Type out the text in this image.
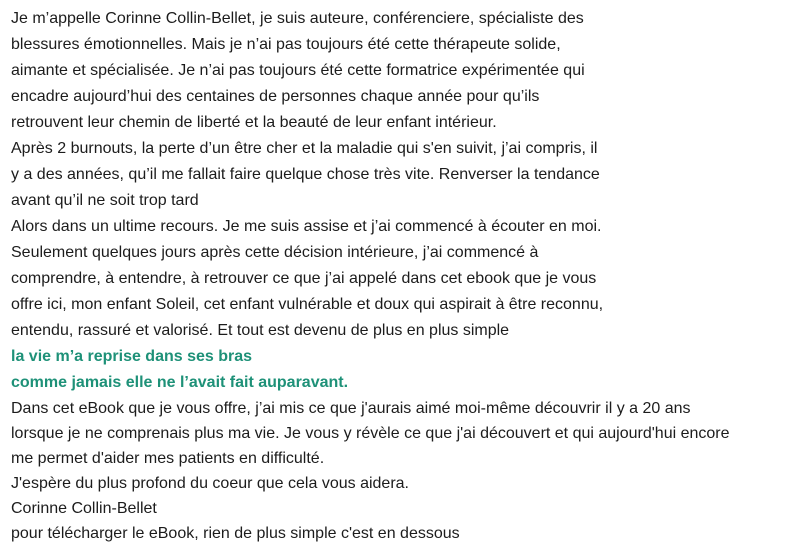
Je m’appelle Corinne Collin-Bellet, je suis auteure, conférenciere, spécialiste des

blessures émotionnelles. Mais je n’ai pas toujours été cette thérapeute solide,

aimante et spécialisée. Je n’ai pas toujours été cette formatrice expérimentée qui

encadre aujourd’hui des centaines de personnes chaque année pour qu’ils

retrouvent leur chemin de liberté et la beauté de leur enfant intérieur.

Après 2 burnouts, la perte d’un être cher et la maladie qui s'en suivit, j’ai compris, il

y a des années, qu’il me fallait faire quelque chose très vite. Renverser la tendance

avant qu’il ne soit trop tard

Alors dans un ultime recours. Je me suis assise et j’ai commencé à écouter en moi.

Seulement quelques jours après cette décision intérieure, j’ai commencé à

comprendre, à entendre, à retrouver ce que j’ai appelé dans cet ebook que je vous

offre ici, mon enfant Soleil, cet enfant vulnérable et doux qui aspirait à être reconnu,

entendu, rassuré et valorisé. Et tout est devenu de plus en plus simple

la vie m’a reprise dans ses bras

comme jamais elle ne l’avait fait auparavant.

Dans cet eBook que je vous offre, j’ai mis ce que j'aurais aimé moi-même découvrir il y a 20 ans

lorsque je ne comprenais plus ma vie. Je vous y révèle ce que j'ai découvert et qui aujourd'hui encore

me permet d'aider mes patients en difficulté.

J'espère du plus profond du coeur que cela vous aidera.

Corinne Collin-Bellet

pour télécharger le eBook, rien de plus simple c'est en dessous
